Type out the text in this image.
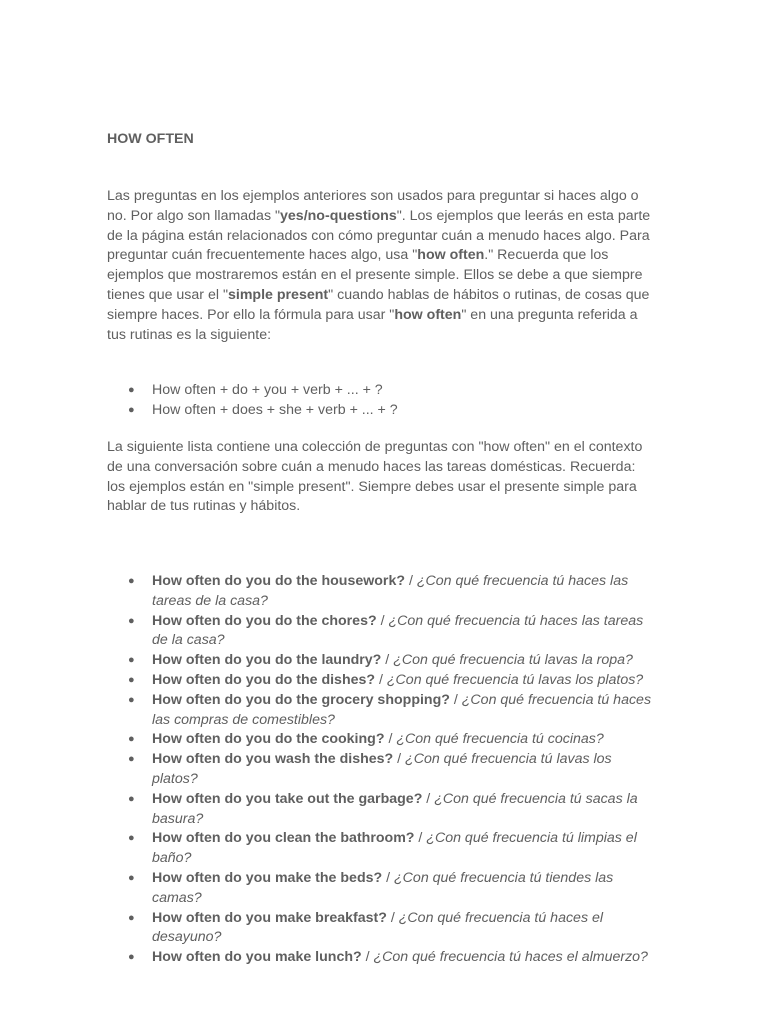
HOW OFTEN

Las preguntas en los ejemplos anteriores son usados para preguntar si haces algo o no. Por algo son llamadas "yes/no-questions". Los ejemplos que leerás en esta parte de la página están relacionados con cómo preguntar cuán a menudo haces algo. Para preguntar cuán frecuentemente haces algo, usa "how often." Recuerda que los ejemplos que mostraremos están en el presente simple. Ellos se debe a que siempre tienes que usar el "simple present" cuando hablas de hábitos o rutinas, de cosas que siempre haces. Por ello la fórmula para usar "how often" en una pregunta referida a tus rutinas es la siguiente:

● How often + do + you + verb + ... + ?
● How often + does + she + verb + ... + ?

La siguiente lista contiene una colección de preguntas con "how often" en el contexto de una conversación sobre cuán a menudo haces las tareas domésticas. Recuerda: los ejemplos están en "simple present". Siempre debes usar el presente simple para hablar de tus rutinas y hábitos.

● How often do you do the housework? / ¿Con qué frecuencia tú haces las tareas de la casa?
● How often do you do the chores? / ¿Con qué frecuencia tú haces las tareas de la casa?
● How often do you do the laundry? / ¿Con qué frecuencia tú lavas la ropa?
● How often do you do the dishes? / ¿Con qué frecuencia tú lavas los platos?
● How often do you do the grocery shopping? / ¿Con qué frecuencia tú haces las compras de comestibles?
● How often do you do the cooking? / ¿Con qué frecuencia tú cocinas?
● How often do you wash the dishes? / ¿Con qué frecuencia tú lavas los platos?
● How often do you take out the garbage? / ¿Con qué frecuencia tú sacas la basura?
● How often do you clean the bathroom? / ¿Con qué frecuencia tú limpias el baño?
● How often do you make the beds? / ¿Con qué frecuencia tú tiendes las camas?
● How often do you make breakfast? / ¿Con qué frecuencia tú haces el desayuno?
● How often do you make lunch? / ¿Con qué frecuencia tú haces el almuerzo?
